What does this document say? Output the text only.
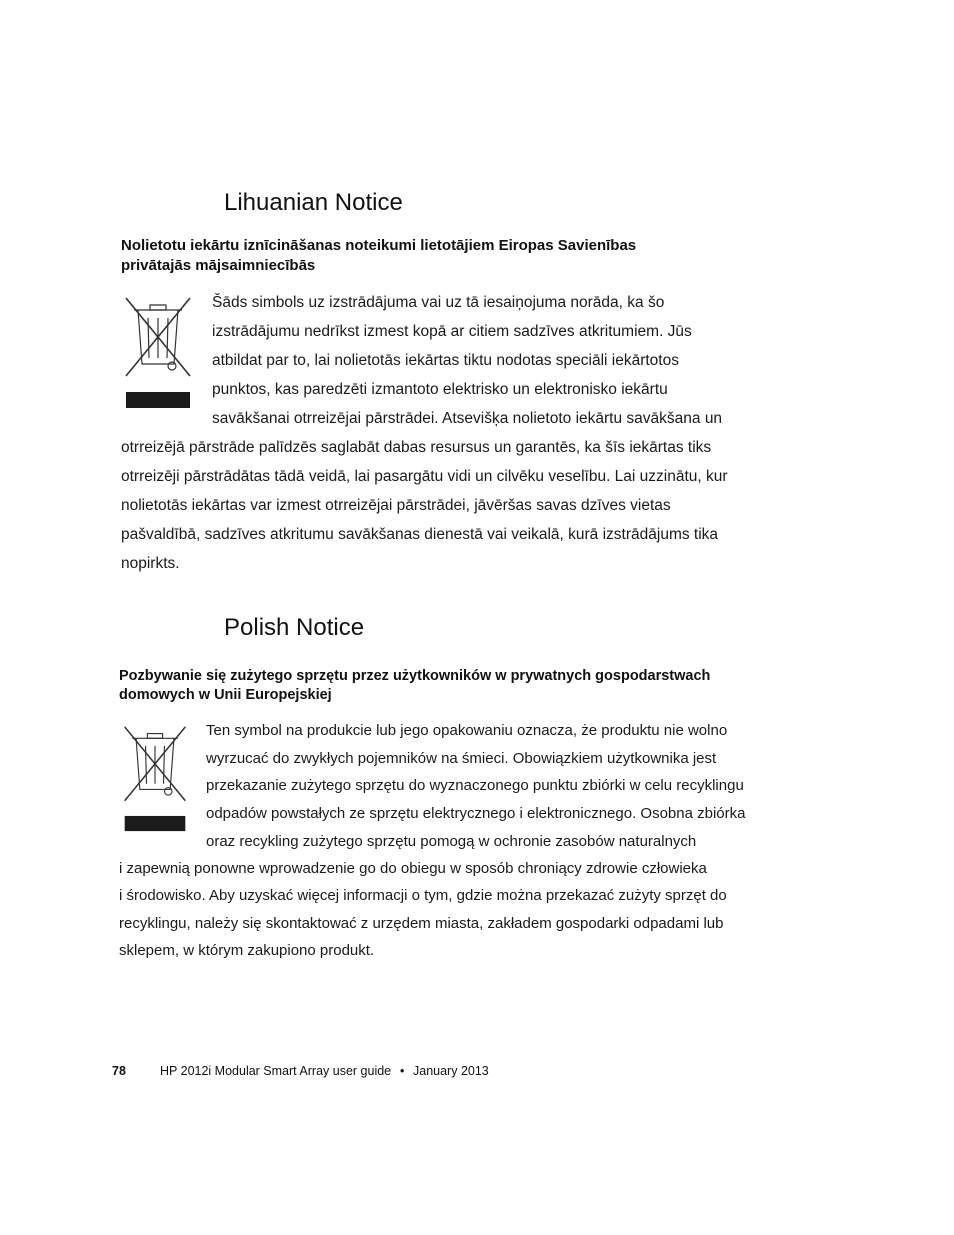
Lihuanian Notice
Nolietotu iekārtu iznīcināšanas noteikumi lietotājiem Eiropas Savienības
privātajās mājsaimniecībās
Šāds simbols uz izstrādājuma vai uz tā iesaiņojuma norāda, ka šo
izstrādājumu nedrīkst izmest kopā ar citiem sadzīves atkritumiem. Jūs
atbildat par to, lai nolietotās iekārtas tiktu nodotas speciāli iekārtotos
punktos, kas paredzēti izmantoto elektrisko un elektronisko iekārtu
savākšanai otrreizējai pārstrādei. Atsevišķa nolietoto iekārtu savākšana un
otrreizējā pārstrāde palīdzēs saglabāt dabas resursus un garantēs, ka šīs iekārtas tiks
otrreizēji pārstrādātas tādā veidā, lai pasargātu vidi un cilvēku veselību. Lai uzzinātu, kur
nolietotās iekārtas var izmest otrreizējai pārstrādei, jāvēršas savas dzīves vietas
pašvaldībā, sadzīves atkritumu savākšanas dienestā vai veikalā, kurā izstrādājums tika
nopirkts.
Polish Notice
Pozbywanie się zużytego sprzętu przez użytkowników w prywatnych gospodarstwach
domowych w Unii Europejskiej
Ten symbol na produkcie lub jego opakowaniu oznacza, że produktu nie wolno
wyrzucać do zwykłych pojemników na śmieci. Obowiązkiem użytkownika jest
przekazanie zużytego sprzętu do wyznaczonego punktu zbiórki w celu recyklingu
odpadów powstałych ze sprzętu elektrycznego i elektronicznego. Osobna zbiórka
oraz recykling zużytego sprzętu pomogą w ochronie zasobów naturalnych
i zapewnią ponowne wprowadzenie go do obiegu w sposób chroniący zdrowie człowieka
i środowisko. Aby uzyskać więcej informacji o tym, gdzie można przekazać zużyty sprzęt do
recyklingu, należy się skontaktować z urzędem miasta, zakładem gospodarki odpadami lub
sklepem, w którym zakupiono produkt.
78	HP 2012i Modular Smart Array user guide • January 2013
